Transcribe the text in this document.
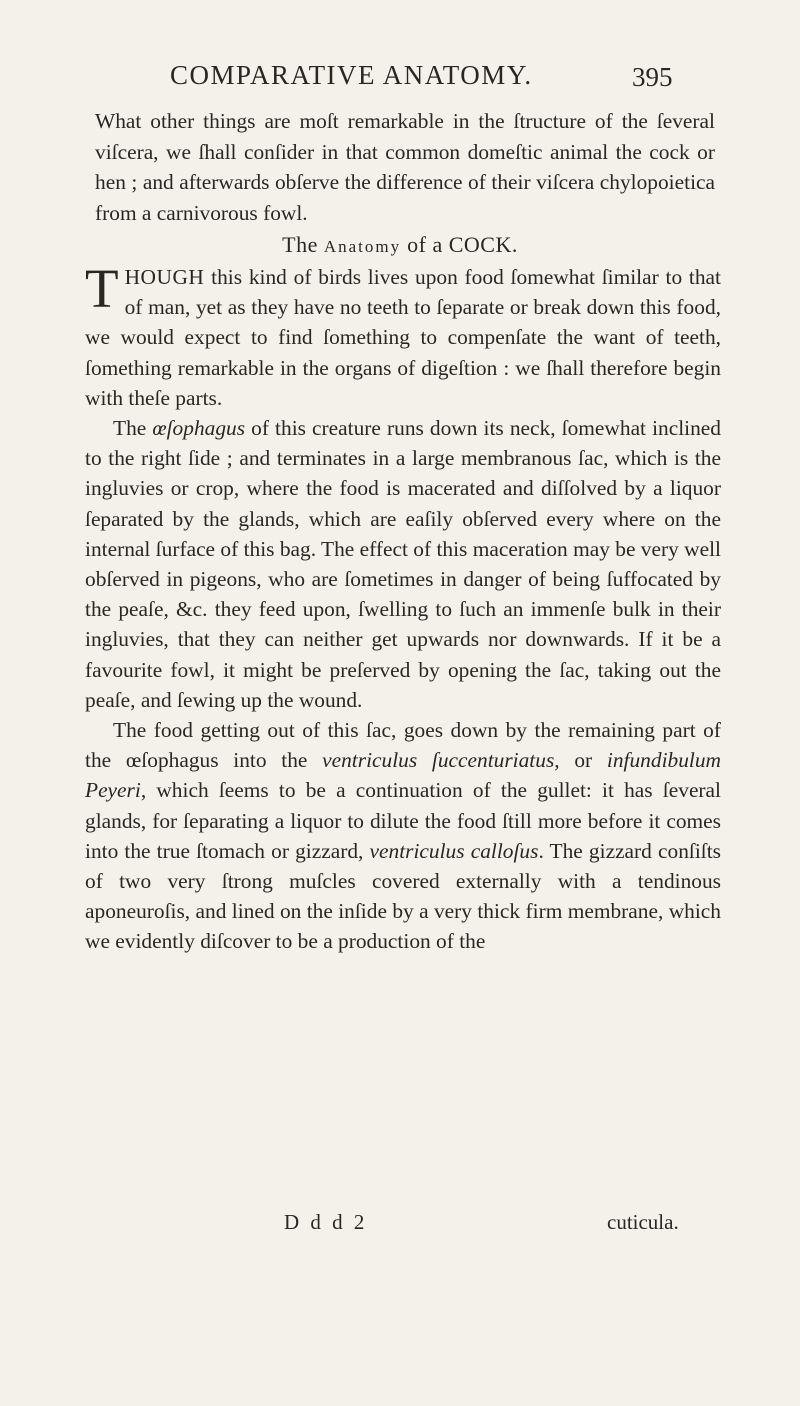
COMPARATIVE ANATOMY.	395

What other things are moſt remarkable in the ſtructure of the ſeveral viſcera, we ſhall conſider in that common domeſtic animal the cock or hen ; and afterwards obſerve the difference of their viſcera chylopoietica from a carnivorous fowl.

The Anatomy of a COCK.

THOUGH this kind of birds lives upon food ſomewhat ſimilar to that of man, yet as they have no teeth to ſeparate or break down this food, we would expect to find ſomething to compenſate the want of teeth, ſomething remarkable in the organs of digeſtion : we ſhall therefore begin with theſe parts.

The œſophagus of this creature runs down its neck, ſomewhat inclined to the right ſide ; and terminates in a large membranous ſac, which is the ingluvies or crop, where the food is macerated and diſſolved by a liquor ſeparated by the glands, which are eaſily obſerved every where on the internal ſurface of this bag. The effect of this maceration may be very well obſerved in pigeons, who are ſometimes in danger of being ſuffocated by the peaſe, &c. they feed upon, ſwelling to ſuch an immenſe bulk in their ingluvies, that they can neither get upwards nor downwards. If it be a favourite fowl, it might be preſerved by opening the ſac, taking out the peaſe, and ſewing up the wound.

The food getting out of this ſac, goes down by the remaining part of the œſophagus into the ventriculus ſuccenturiatus, or infundibulum Peyeri, which ſeems to be a continuation of the gullet: it has ſeveral glands, for ſeparating a liquor to dilute the food ſtill more before it comes into the true ſtomach or gizzard, ventriculus callоſus. The gizzard conſiſts of two very ſtrong muſcles covered externally with a tendinous aponeuroſis, and lined on the inſide by a very thick firm membrane, which we evidently diſcover to be a production of the

D d d 2	cuticula.
